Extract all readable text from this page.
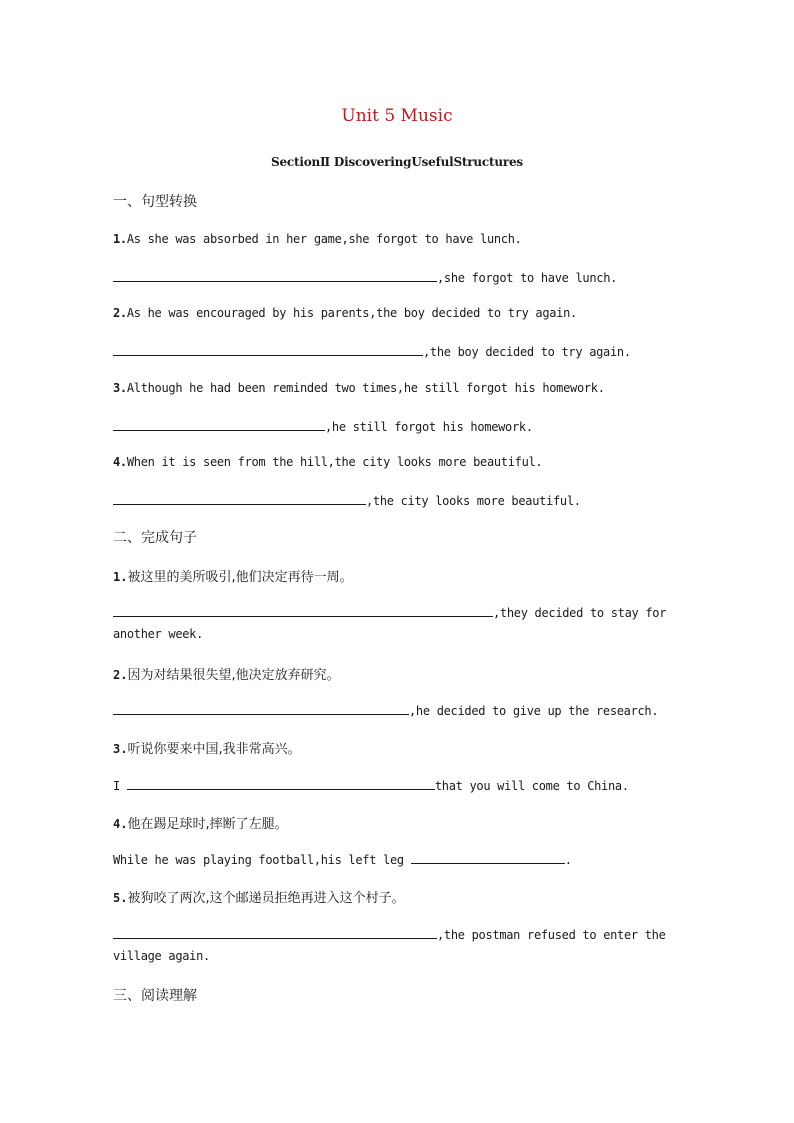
Unit 5 Music
SectionⅡ DiscoveringUsefulStructures
一、句型转换
1.As she was absorbed in her game,she forgot to have lunch.
,she forgot to have lunch.
2.As he was encouraged by his parents,the boy decided to try again.
,the boy decided to try again.
3.Although he had been reminded two times,he still forgot his homework.
,he still forgot his homework.
4.When it is seen from the hill,the city looks more beautiful.
,the city looks more beautiful.
二、完成句子
1.被这里的美所吸引,他们决定再待一周。
,they decided to stay for
another week.
2.因为对结果很失望,他决定放弃研究。
,he decided to give up the research.
3.听说你要来中国,我非常高兴。
I	that you will come to China.
4.他在踢足球时,摔断了左腿。
While he was playing football,his left leg	.
5.被狗咬了两次,这个邮递员拒绝再进入这个村子。
,the postman refused to enter the
village again.
三、阅读理解
